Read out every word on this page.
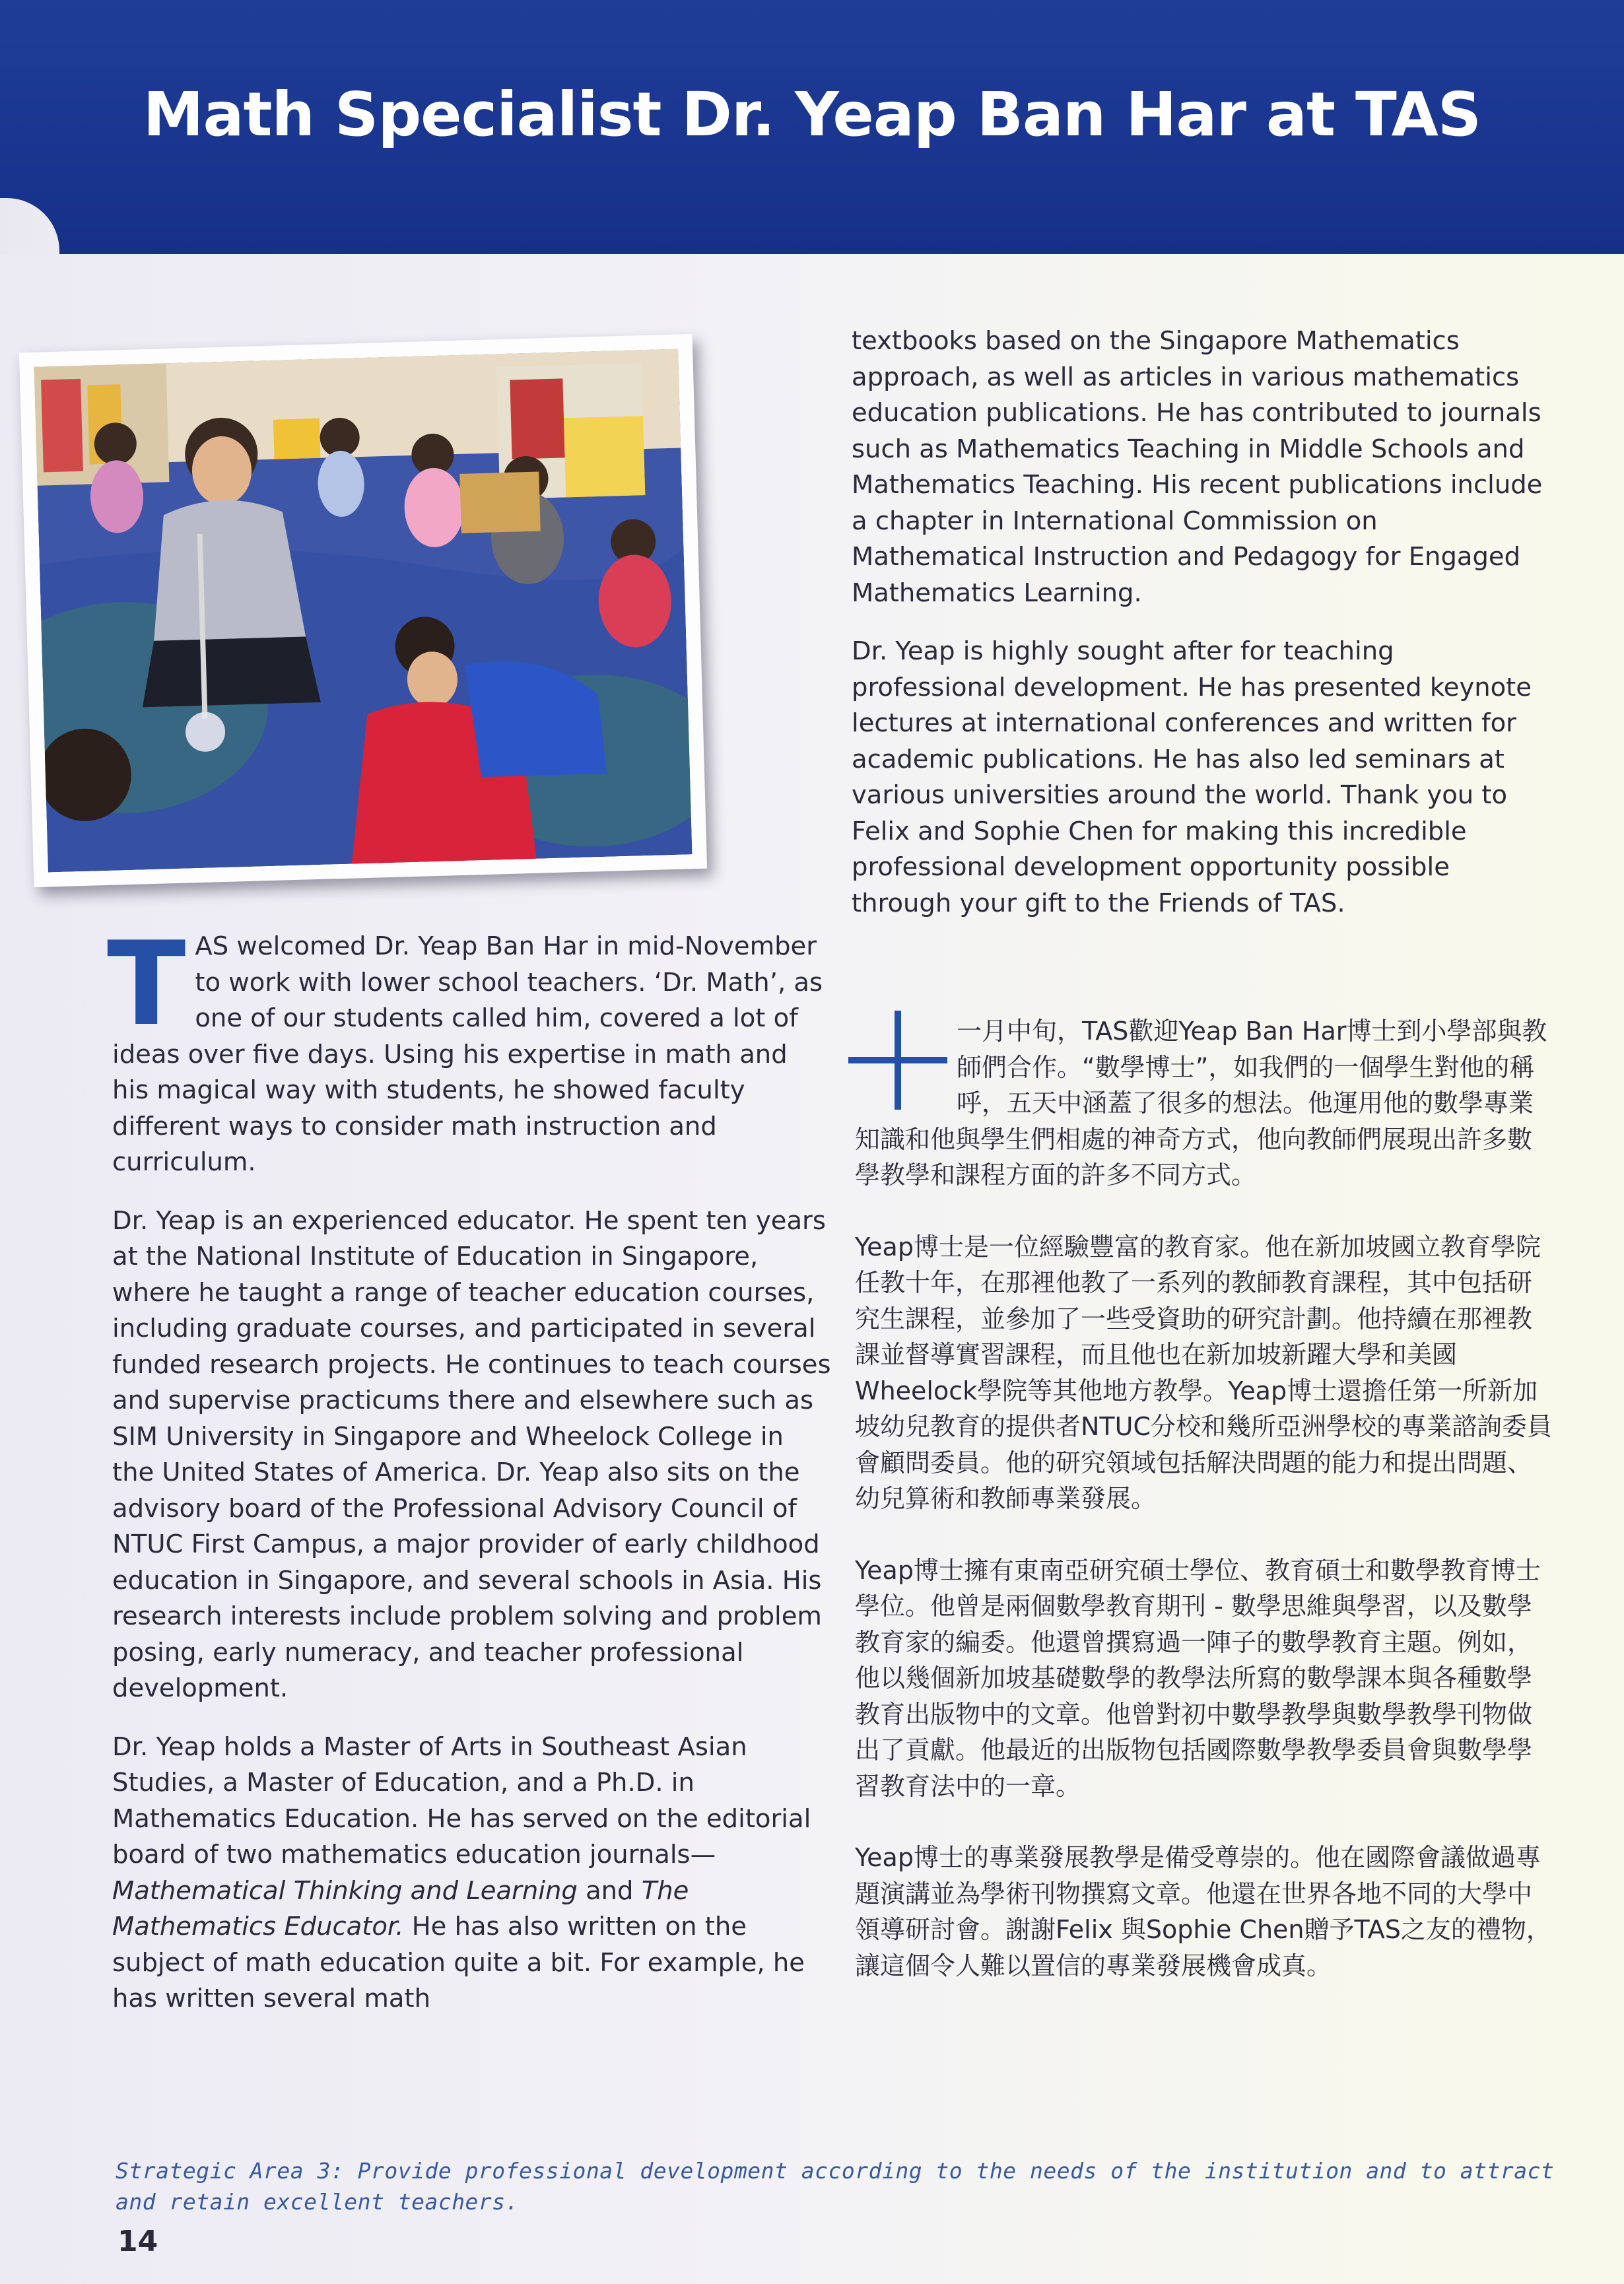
Math Specialist Dr. Yeap Ban Har at TAS

TAS welcomed Dr. Yeap Ban Har in mid-November to work with lower school teachers. ‘Dr. Math’, as one of our students called him, covered a lot of ideas over five days. Using his expertise in math and his magical way with students, he showed faculty different ways to consider math instruction and curriculum.

Dr. Yeap is an experienced educator. He spent ten years at the National Institute of Education in Singapore, where he taught a range of teacher education courses, including graduate courses, and participated in several funded research projects. He continues to teach courses and supervise practicums there and elsewhere such as SIM University in Singapore and Wheelock College in the United States of America. Dr. Yeap also sits on the advisory board of the Professional Advisory Council of NTUC First Campus, a major provider of early childhood education in Singapore, and several schools in Asia. His research interests include problem solving and problem posing, early numeracy, and teacher professional development.

Dr. Yeap holds a Master of Arts in Southeast Asian Studies, a Master of Education, and a Ph.D. in Mathematics Education. He has served on the editorial board of two mathematics education journals—Mathematical Thinking and Learning and The Mathematics Educator. He has also written on the subject of math education quite a bit. For example, he has written several math

textbooks based on the Singapore Mathematics approach, as well as articles in various mathematics education publications. He has contributed to journals such as Mathematics Teaching in Middle Schools and Mathematics Teaching. His recent publications include a chapter in International Commission on Mathematical Instruction and Pedagogy for Engaged Mathematics Learning.

Dr. Yeap is highly sought after for teaching professional development. He has presented keynote lectures at international conferences and written for academic publications. He has also led seminars at various universities around the world. Thank you to Felix and Sophie Chen for making this incredible professional development opportunity possible through your gift to the Friends of TAS.

一月中旬，TAS歡迎Yeap Ban Har博士到小學部與教師們合作。“數學博士”，如我們的一個學生對他的稱呼，五天中涵蓋了很多的想法。他運用他的數學專業知識和他與學生們相處的神奇方式，他向教師們展現出許多數學教學和課程方面的許多不同方式。

Yeap博士是一位經驗豐富的教育家。他在新加坡國立教育學院任教十年，在那裡他教了一系列的教師教育課程，其中包括研究生課程，並參加了一些受資助的研究計劃。他持續在那裡教課並督導實習課程，而且他也在新加坡新躍大學和美國Wheelock學院等其他地方教學。Yeap博士還擔任第一所新加坡幼兒教育的提供者NTUC分校和幾所亞洲學校的專業諮詢委員會顧問委員。他的研究領域包括解決問題的能力和提出問題、幼兒算術和教師專業發展。

Yeap博士擁有東南亞研究碩士學位、教育碩士和數學教育博士學位。他曾是兩個數學教育期刊 - 數學思維與學習，以及數學教育家的編委。他還曾撰寫過一陣子的數學教育主題。例如，他以幾個新加坡基礎數學的教學法所寫的數學課本與各種數學教育出版物中的文章。他曾對初中數學教學與數學教學刊物做出了貢獻。他最近的出版物包括國際數學教學委員會與數學學習教育法中的一章。

Yeap博士的專業發展教學是備受尊崇的。他在國際會議做過專題演講並為學術刊物撰寫文章。他還在世界各地不同的大學中領導研討會。謝謝Felix 與Sophie Chen贈予TAS之友的禮物，讓這個令人難以置信的專業發展機會成真。

Strategic Area 3: Provide professional development according to the needs of the institution and to attract and retain excellent teachers.
14
